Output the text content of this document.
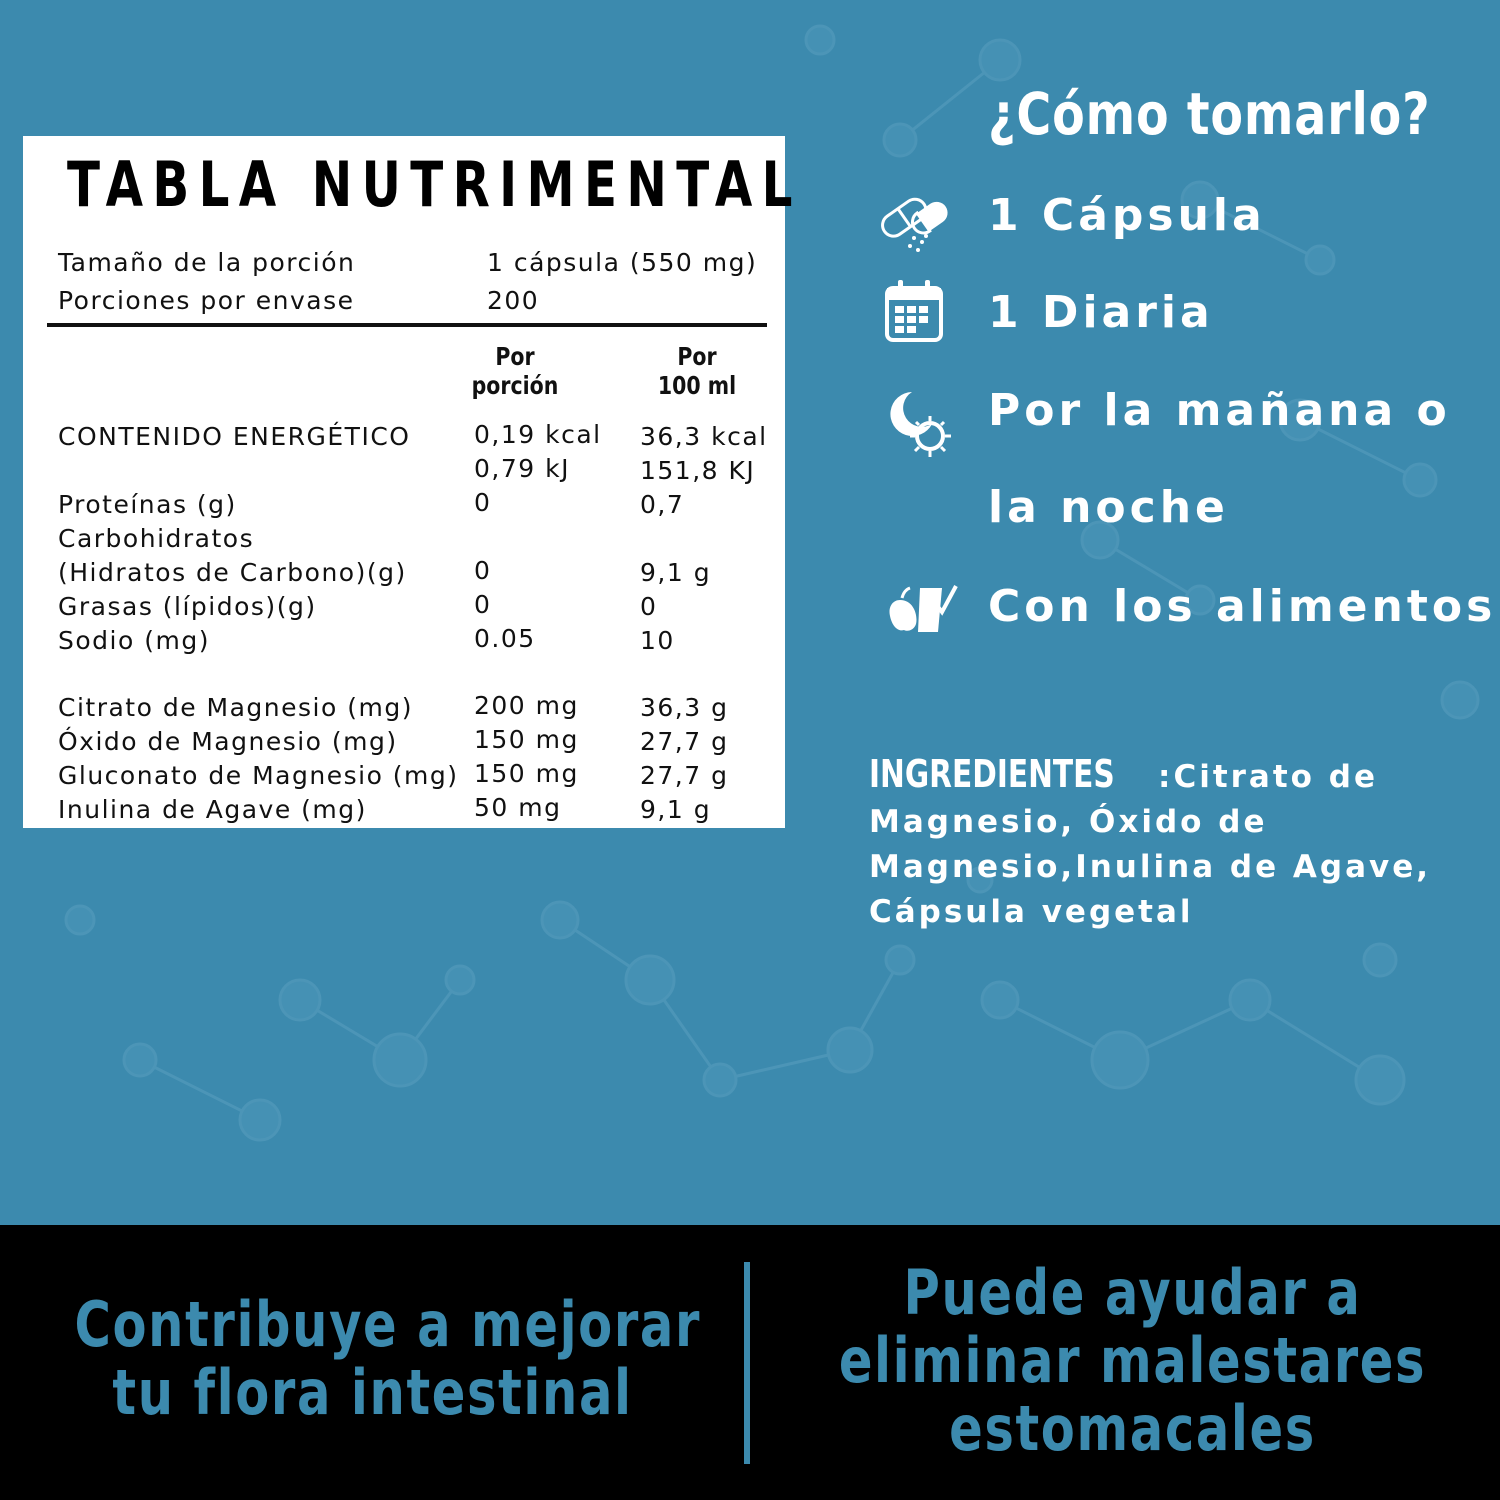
TABLA NUTRIMENTAL
Tamaño de la porción	1 cápsula (550 mg)
Porciones por envase	200
Por
porción
Por
100 ml
CONTENIDO ENERGÉTICO	0,19 kcal 36,3 kcal
0,79 kJ	151,8 KJ
Proteínas (g)	0	0,7
Carbohidratos
(Hidratos de Carbono)(g)	0	9,1 g
Grasas (lípidos)(g)	0	0
Sodio (mg)	0.05	10
Citrato de Magnesio (mg) 200 mg 36,3 g
Óxido de Magnesio (mg)	150 mg 27,7 g
Gluconato de Magnesio (mg) 150 mg 27,7 g
Inulina de Agave (mg)	50 mg	9,1 g
¿Cómo tomarlo?
1 Cápsula
1 Diaria
Por la mañana o
la noche
Con los alimentos
INGREDIENTES :Citrato de Magnesio, Óxido de Magnesio,Inulina de Agave, Cápsula vegetal
Contribuye a mejorar
tu flora intestinal
Puede ayudar a
eliminar malestares
estomacales
